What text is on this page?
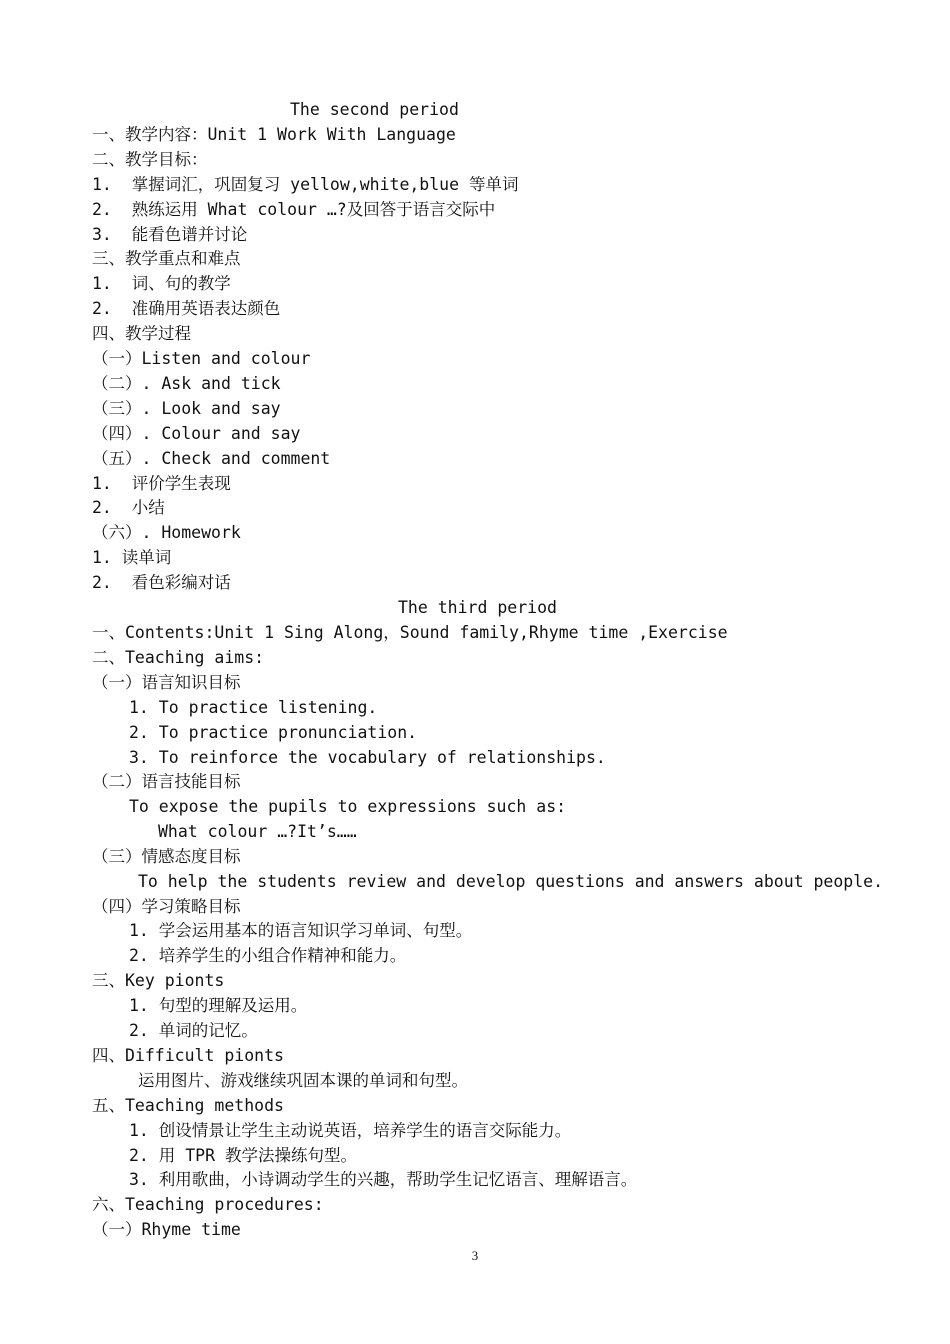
The second period
一、教学内容：Unit 1 Work With Language
二、教学目标：
1.  掌握词汇，巩固复习 yellow,white,blue 等单词
2.  熟练运用 What colour …?及回答于语言交际中
3.  能看色谱并讨论
三、教学重点和难点
1.  词、句的教学
2.  准确用英语表达颜色
四、教学过程
（一）Listen and colour
（二）. Ask and tick
（三）. Look and say
（四）. Colour and say
（五）. Check and comment
1.  评价学生表现
2.  小结
（六）. Homework
1. 读单词
2.  看色彩编对话
The third period
一、Contents:Unit 1 Sing Along，Sound family,Rhyme time ,Exercise
二、Teaching aims:
（一）语言知识目标
1. To practice listening.
2. To practice pronunciation.
3. To reinforce the vocabulary of relationships.
（二）语言技能目标
To expose the pupils to expressions such as:
What colour …?It’s……
（三）情感态度目标
To help the students review and develop questions and answers about people.
（四）学习策略目标
1. 学会运用基本的语言知识学习单词、句型。
2. 培养学生的小组合作精神和能力。
三、Key pionts
1. 句型的理解及运用。
2. 单词的记忆。
四、Difficult pionts
运用图片、游戏继续巩固本课的单词和句型。
五、Teaching methods
1. 创设情景让学生主动说英语，培养学生的语言交际能力。
2. 用 TPR 教学法操练句型。
3. 利用歌曲，小诗调动学生的兴趣，帮助学生记忆语言、理解语言。
六、Teaching procedures:
（一）Rhyme time
3
